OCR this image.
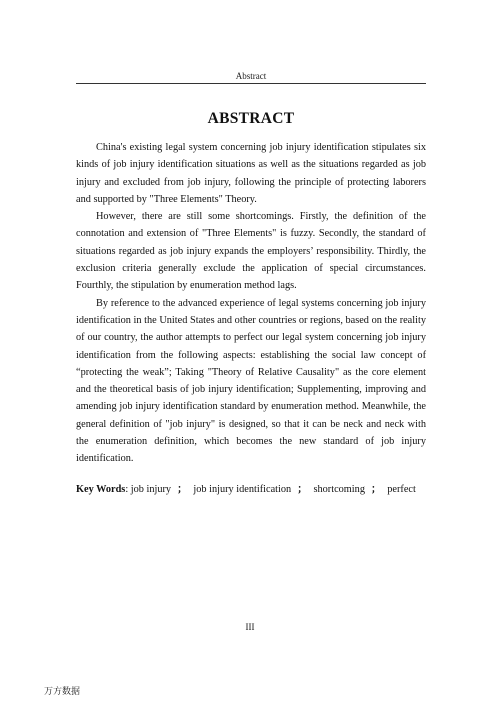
Abstract
ABSTRACT

China's existing legal system concerning job injury identification stipulates six kinds of job injury identification situations as well as the situations regarded as job injury and excluded from job injury, following the principle of protecting laborers and supported by "Three Elements" Theory.

However, there are still some shortcomings. Firstly, the definition of the connotation and extension of "Three Elements" is fuzzy. Secondly, the standard of situations regarded as job injury expands the employers’ responsibility. Thirdly, the exclusion criteria generally exclude the application of special circumstances. Fourthly, the stipulation by enumeration method lags.

By reference to the advanced experience of legal systems concerning job injury identification in the United States and other countries or regions, based on the reality of our country, the author attempts to perfect our legal system concerning job injury identification from the following aspects: establishing the social law concept of “protecting the weak”; Taking "Theory of Relative Causality" as the core element and the theoretical basis of job injury identification; Supplementing, improving and amending job injury identification standard by enumeration method. Meanwhile, the general definition of "job injury" is designed, so that it can be neck and neck with the enumeration definition, which becomes the new standard of job injury identification.

Key Words: job injury ； job injury identification ； shortcoming ； perfect

III
万方数据
